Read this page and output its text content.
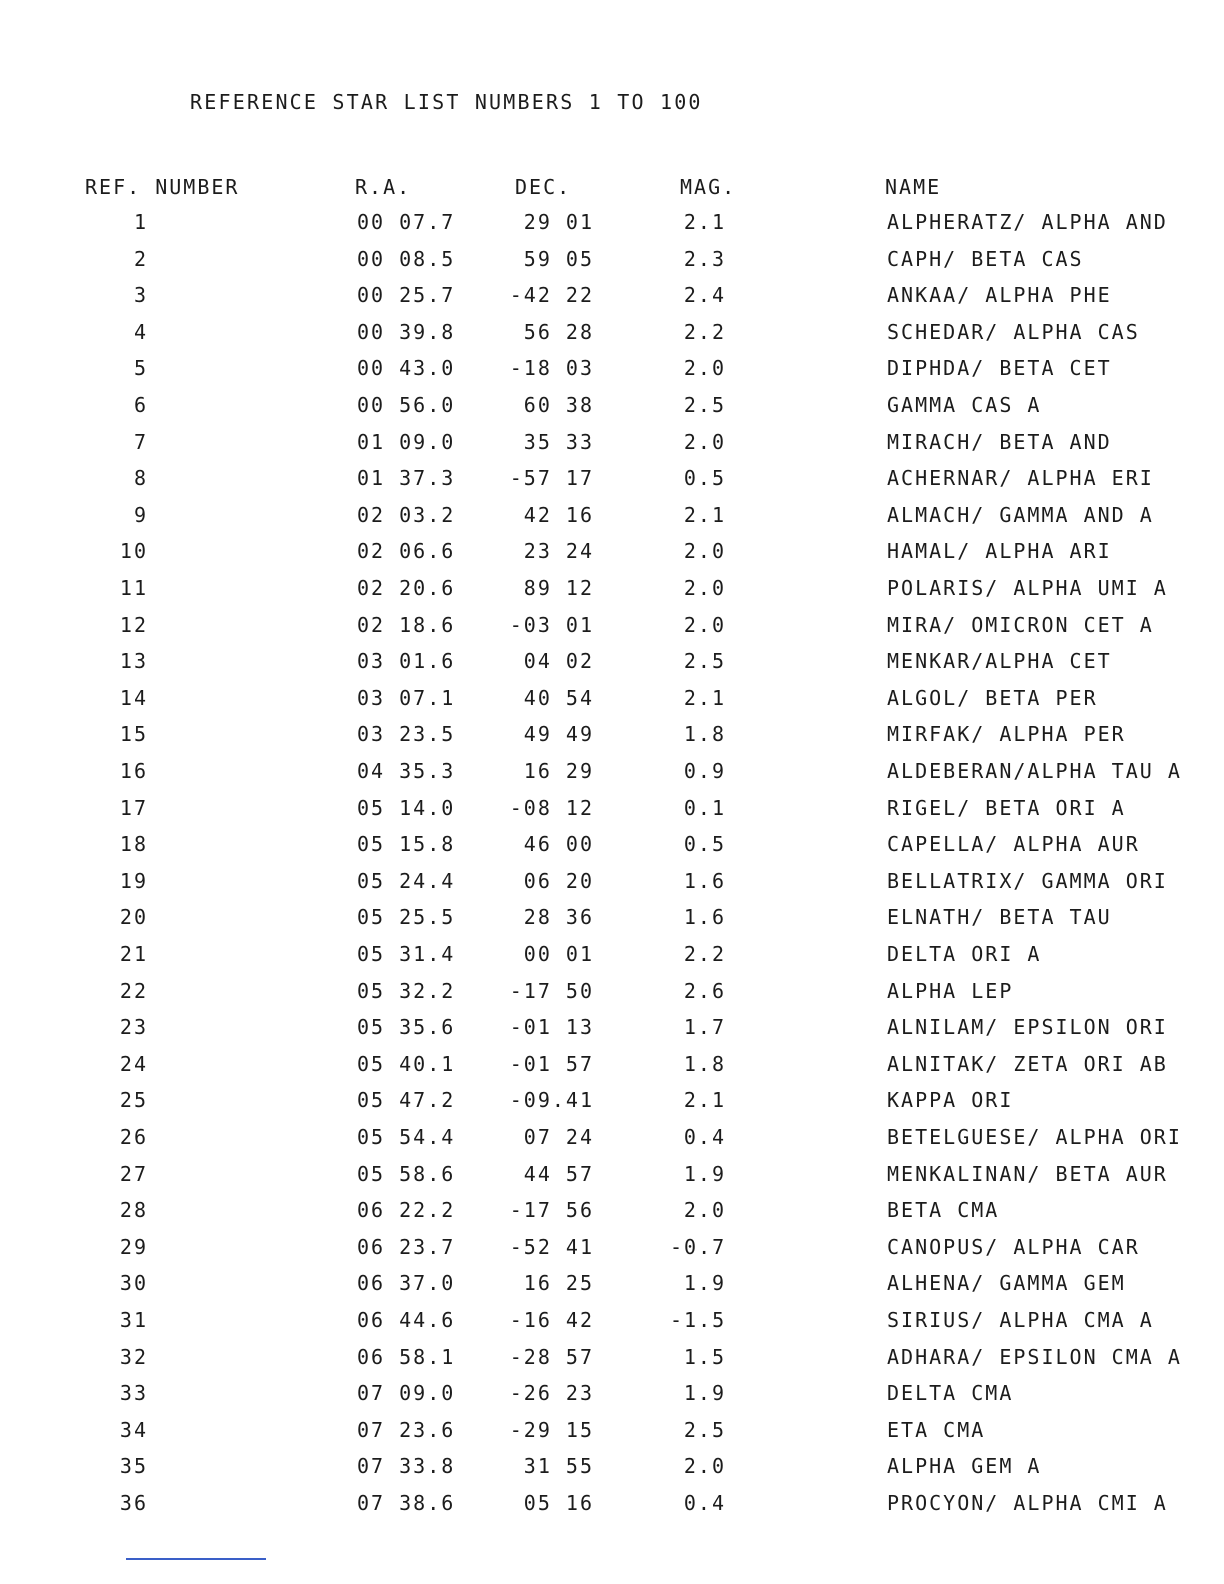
REFERENCE STAR LIST NUMBERS 1 TO 100
REF. NUMBER	R.A.	DEC.	MAG.	NAME
1	00 07.7	29 01	2.1	ALPHERATZ/ ALPHA AND
2	00 08.5	59 05	2.3	CAPH/ BETA CAS
3	00 25.7	-42 22	2.4	ANKAA/ ALPHA PHE
4	00 39.8	56 28	2.2	SCHEDAR/ ALPHA CAS
5	00 43.0	-18 03	2.0	DIPHDA/ BETA CET
6	00 56.0	60 38	2.5	GAMMA CAS A
7	01 09.0	35 33	2.0	MIRACH/ BETA AND
8	01 37.3	-57 17	0.5	ACHERNAR/ ALPHA ERI
9	02 03.2	42 16	2.1	ALMACH/ GAMMA AND A
10	02 06.6	23 24	2.0	HAMAL/ ALPHA ARI
11	02 20.6	89 12	2.0	POLARIS/ ALPHA UMI A
12	02 18.6	-03 01	2.0	MIRA/ OMICRON CET A
13	03 01.6	04 02	2.5	MENKAR/ALPHA CET
14	03 07.1	40 54	2.1	ALGOL/ BETA PER
15	03 23.5	49 49	1.8	MIRFAK/ ALPHA PER
16	04 35.3	16 29	0.9	ALDEBERAN/ALPHA TAU A
17	05 14.0	-08 12	0.1	RIGEL/ BETA ORI A
18	05 15.8	46 00	0.5	CAPELLA/ ALPHA AUR
19	05 24.4	06 20	1.6	BELLATRIX/ GAMMA ORI
20	05 25.5	28 36	1.6	ELNATH/ BETA TAU
21	05 31.4	00 01	2.2	DELTA ORI A
22	05 32.2	-17 50	2.6	ALPHA LEP
23	05 35.6	-01 13	1.7	ALNILAM/ EPSILON ORI
24	05 40.1	-01 57	1.8	ALNITAK/ ZETA ORI AB
25	05 47.2	-09.41	2.1	KAPPA ORI
26	05 54.4	07 24	0.4	BETELGUESE/ ALPHA ORI
27	05 58.6	44 57	1.9	MENKALINAN/ BETA AUR
28	06 22.2	-17 56	2.0	BETA CMA
29	06 23.7	-52 41	-0.7	CANOPUS/ ALPHA CAR
30	06 37.0	16 25	1.9	ALHENA/ GAMMA GEM
31	06 44.6	-16 42	-1.5	SIRIUS/ ALPHA CMA A
32	06 58.1	-28 57	1.5	ADHARA/ EPSILON CMA A
33	07 09.0	-26 23	1.9	DELTA CMA
34	07 23.6	-29 15	2.5	ETA CMA
35	07 33.8	31 55	2.0	ALPHA GEM A
36	07 38.6	05 16	0.4	PROCYON/ ALPHA CMI A
